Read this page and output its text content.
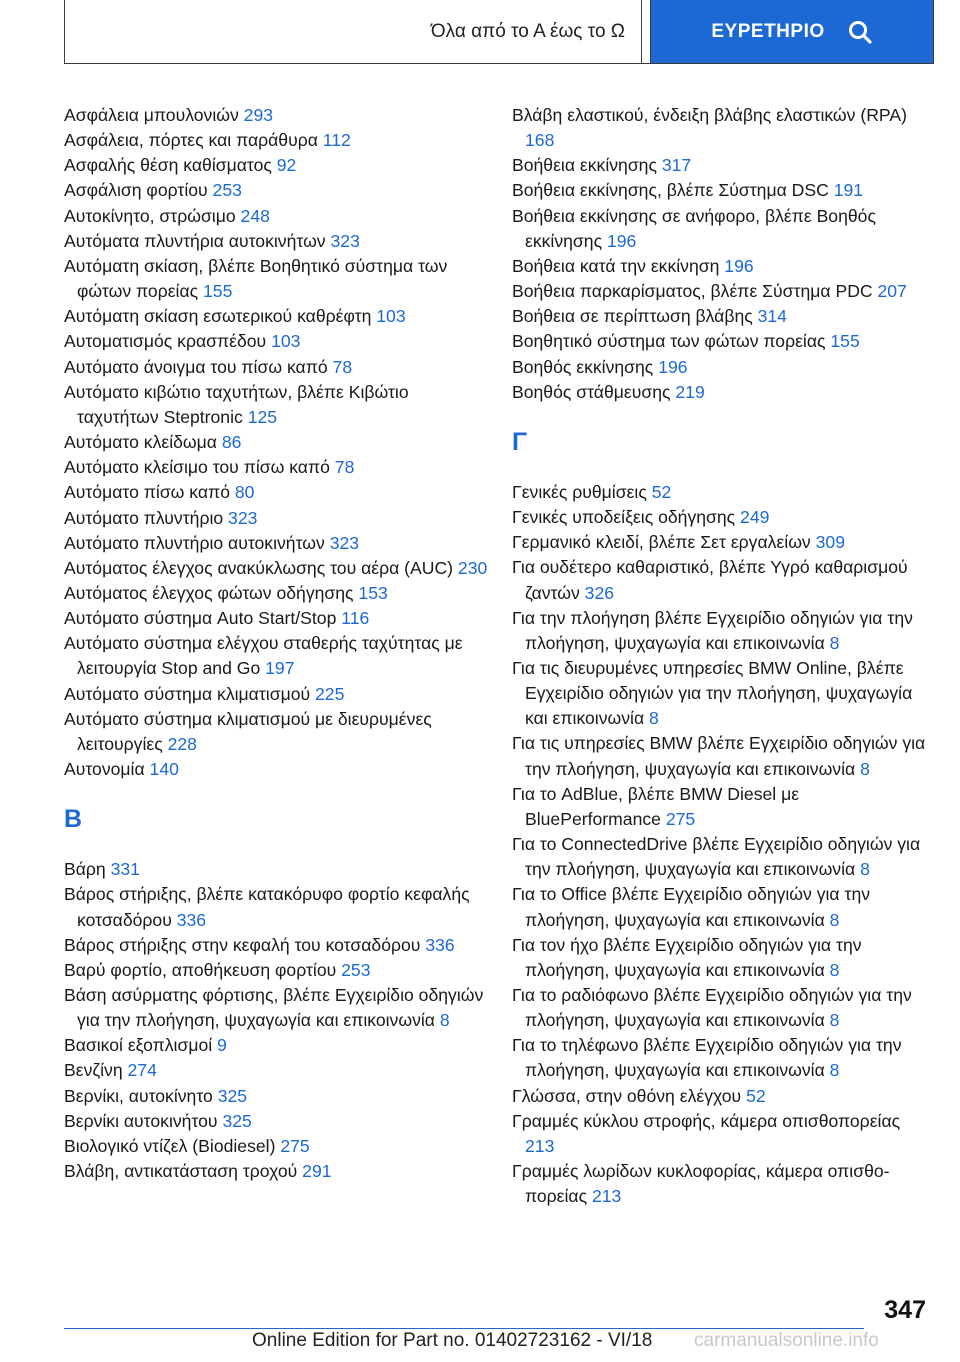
Όλα από το Α έως το Ω	ΕΥΡΕΤΗΡΙΟ
Ασφάλεια μπουλονιών 293
Ασφάλεια, πόρτες και παράθυρα 112
Ασφαλής θέση καθίσματος 92
Ασφάλιση φορτίου 253
Αυτοκίνητο, στρώσιμο 248
Αυτόματα πλυντήρια αυτοκινήτων 323
Αυτόματη σκίαση, βλέπε Βοηθητικό σύστημα των φώτων πορείας 155
Αυτόματη σκίαση εσωτερικού καθρέφτη 103
Αυτοματισμός κρασπέδου 103
Αυτόματο άνοιγμα του πίσω καπό 78
Αυτόματο κιβώτιο ταχυτήτων, βλέπε Κιβώτιο ταχυτήτων Steptronic 125
Αυτόματο κλείδωμα 86
Αυτόματο κλείσιμο του πίσω καπό 78
Αυτόματο πίσω καπό 80
Αυτόματο πλυντήριο 323
Αυτόματο πλυντήριο αυτοκινήτων 323
Αυτόματος έλεγχος ανακύκλωσης του αέρα (AUC) 230
Αυτόματος έλεγχος φώτων οδήγησης 153
Αυτόματο σύστημα Auto Start/Stop 116
Αυτόματο σύστημα ελέγχου σταθερής ταχύτητας με λειτουργία Stop and Go 197
Αυτόματο σύστημα κλιματισμού 225
Αυτόματο σύστημα κλιματισμού με διευρυμένες λειτουργίες 228
Αυτονομία 140
Β
Βάρη 331
Βάρος στήριξης, βλέπε κατακόρυφο φορτίο κεφαλής κοτσαδόρου 336
Βάρος στήριξης στην κεφαλή του κοτσαδόρου 336
Βαρύ φορτίο, αποθήκευση φορτίου 253
Βάση ασύρματης φόρτισης, βλέπε Εγχειρίδιο οδηγιών για την πλοήγηση, ψυχαγωγία και επικοινωνία 8
Βασικοί εξοπλισμοί 9
Βενζίνη 274
Βερνίκι, αυτοκίνητο 325
Βερνίκι αυτοκινήτου 325
Βιολογικό ντίζελ (Biodiesel) 275
Βλάβη, αντικατάσταση τροχού 291
Βλάβη ελαστικού, ένδειξη βλάβης ελαστικών (RPA) 168
Βοήθεια εκκίνησης 317
Βοήθεια εκκίνησης, βλέπε Σύστημα DSC 191
Βοήθεια εκκίνησης σε ανήφορο, βλέπε Βοηθός εκκίνησης 196
Βοήθεια κατά την εκκίνηση 196
Βοήθεια παρκαρίσματος, βλέπε Σύστημα PDC 207
Βοήθεια σε περίπτωση βλάβης 314
Βοηθητικό σύστημα των φώτων πορείας 155
Βοηθός εκκίνησης 196
Βοηθός στάθμευσης 219
Γ
Γενικές ρυθμίσεις 52
Γενικές υποδείξεις οδήγησης 249
Γερμανικό κλειδί, βλέπε Σετ εργαλείων 309
Για ουδέτερο καθαριστικό, βλέπε Υγρό καθαρισμού ζαντών 326
Για την πλοήγηση βλέπε Εγχειρίδιο οδηγιών για την πλοήγηση, ψυχαγωγία και επικοινωνία 8
Για τις διευρυμένες υπηρεσίες BMW Online, βλέπε Εγχειρίδιο οδηγιών για την πλοήγηση, ψυχαγωγία και επικοινωνία 8
Για τις υπηρεσίες BMW βλέπε Εγχειρίδιο οδηγιών για την πλοήγηση, ψυχαγωγία και επικοινωνία 8
Για το AdBlue, βλέπε BMW Diesel με BluePerformance 275
Για το ConnectedDrive βλέπε Εγχειρίδιο οδηγιών για την πλοήγηση, ψυχαγωγία και επικοινωνία 8
Για το Office βλέπε Εγχειρίδιο οδηγιών για την πλοήγηση, ψυχαγωγία και επικοινωνία 8
Για τον ήχο βλέπε Εγχειρίδιο οδηγιών για την πλοήγηση, ψυχαγωγία και επικοινωνία 8
Για το ραδιόφωνο βλέπε Εγχειρίδιο οδηγιών για την πλοήγηση, ψυχαγωγία και επικοινωνία 8
Για το τηλέφωνο βλέπε Εγχειρίδιο οδηγιών για την πλοήγηση, ψυχαγωγία και επικοινωνία 8
Γλώσσα, στην οθόνη ελέγχου 52
Γραμμές κύκλου στροφής, κάμερα οπισθοπορείας 213
Γραμμές λωρίδων κυκλοφορίας, κάμερα οπισθοπορείας 213
347
Online Edition for Part no. 01402723162 - VI/18 carmanualsonline.info
